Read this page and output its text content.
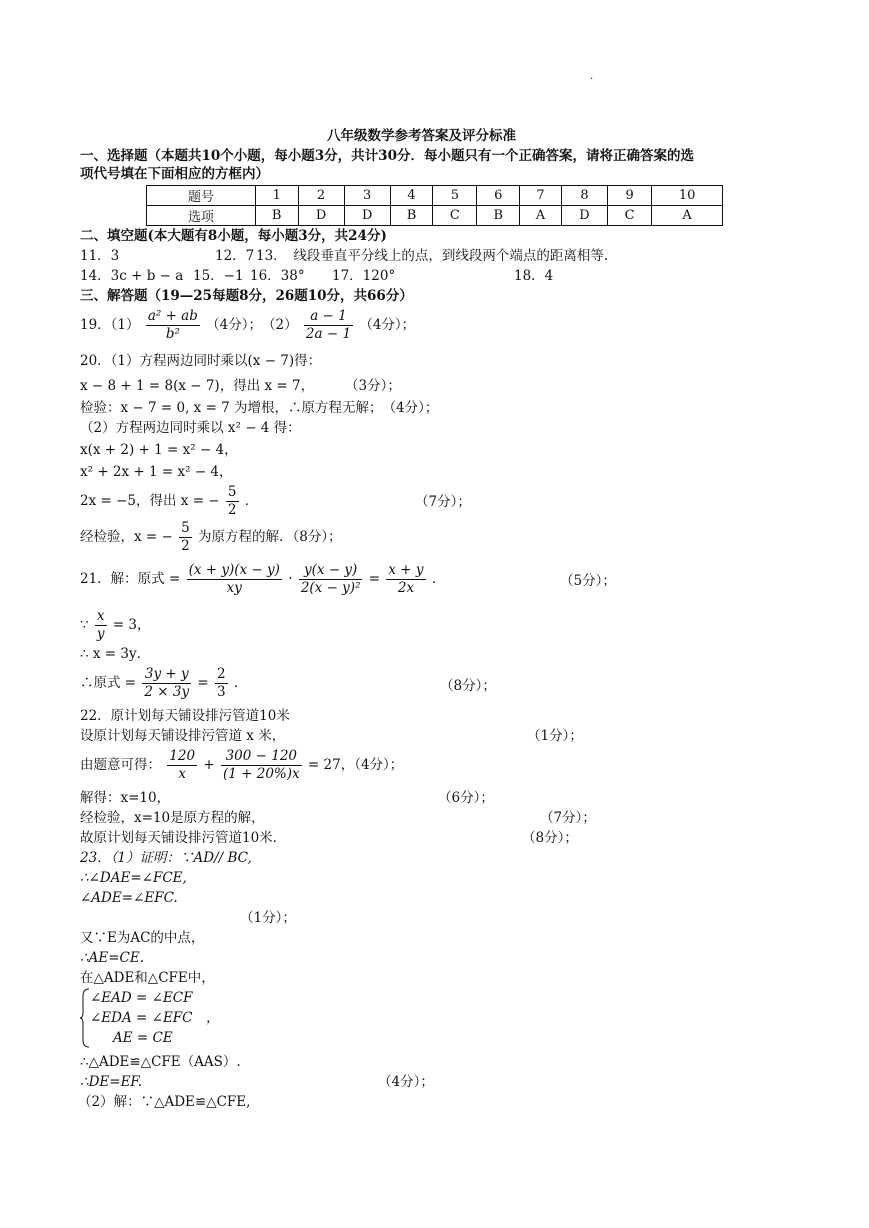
.
八年级数学参考答案及评分标准
一、选择题（本题共10个小题，每小题3分，共计30分．每小题只有一个正确答案，请将正确答案的选
项代号填在下面相应的方框内）
题号	1	2	3	4	5	6	7	8	9	10
选项	B	D	D	B	C	B	A	D	C	A
二、填空题(本大题有8小题，每小题3分，共24分)
11．3	12．7 13．　线段垂直平分线上的点，到线段两个端点的距离相等.
14．3c + b − a 15．−1 16．38° 17．120°	18．4
三、解答题（19—25每题8分，26题10分，共66分）
19．$(1) \frac{\text{a² + ab}}{\text{b²}} (4$分）；　$(2) \frac{a - 1}{2a - 1} (4$分）；
20．（1）方程两边同时乘以(x − 7)得：
x − 8 + 1 = 8(x − 7)，得出 x = 7， （3分）；
检验：x − 7 = 0, x = 7 为增根，∴原方程无解；　（4分）；
（2）方程两边同时乘以 x² − 4 得：
x(x + 2) + 1 = x² − 4，
x² + 2x + 1 = x² − 4，
2x = −5，得出 x = − $\frac{5}{2}$ ．	（7分）；
经检验，x = − $\frac{5}{2}$ 为原方程的解．（8分）；
21．解：原式 = $\frac{(x + y)(x - y)}{xy} \cdot \frac{y(x - y)}{\text{2(x − y)²}} = \frac{x + y}{2x}$ ．	（5分）；
∵ $\frac{x}{y} = 3$，
∴ x = 3y．
∴原式 = $\frac{3y + y}{2 \times 3y} = \frac{2}{3}$ ．	（8分）；
22．原计划每天铺设排污管道10米
设原计划每天铺设排污管道 x 米，	（1分）；
由题意可得： $\frac{120}{x} + \frac{300 - 120}{(1 + 20\%)x} = 27$，（4分）；
解得：x=10，	（6分）；
经检验，x=10是原方程的解，	（7分）；
故原计划每天铺设排污管道10米．	（8分）；
23．（1）证明：∵AD// BC,
∴∠DAE=∠FCE,
∠ADE=∠EFC.
（1分）；
又∵E为AC的中点，
∴AE=CE.
在△ADE和△CFE中，
∠EAD = ∠ECF
∠EDA = ∠EFC　，
AE = CE
∴△ADE≌△CFE（AAS）.
∴DE=EF.	（4分）；
（2）解：∵△ADE≌△CFE,
